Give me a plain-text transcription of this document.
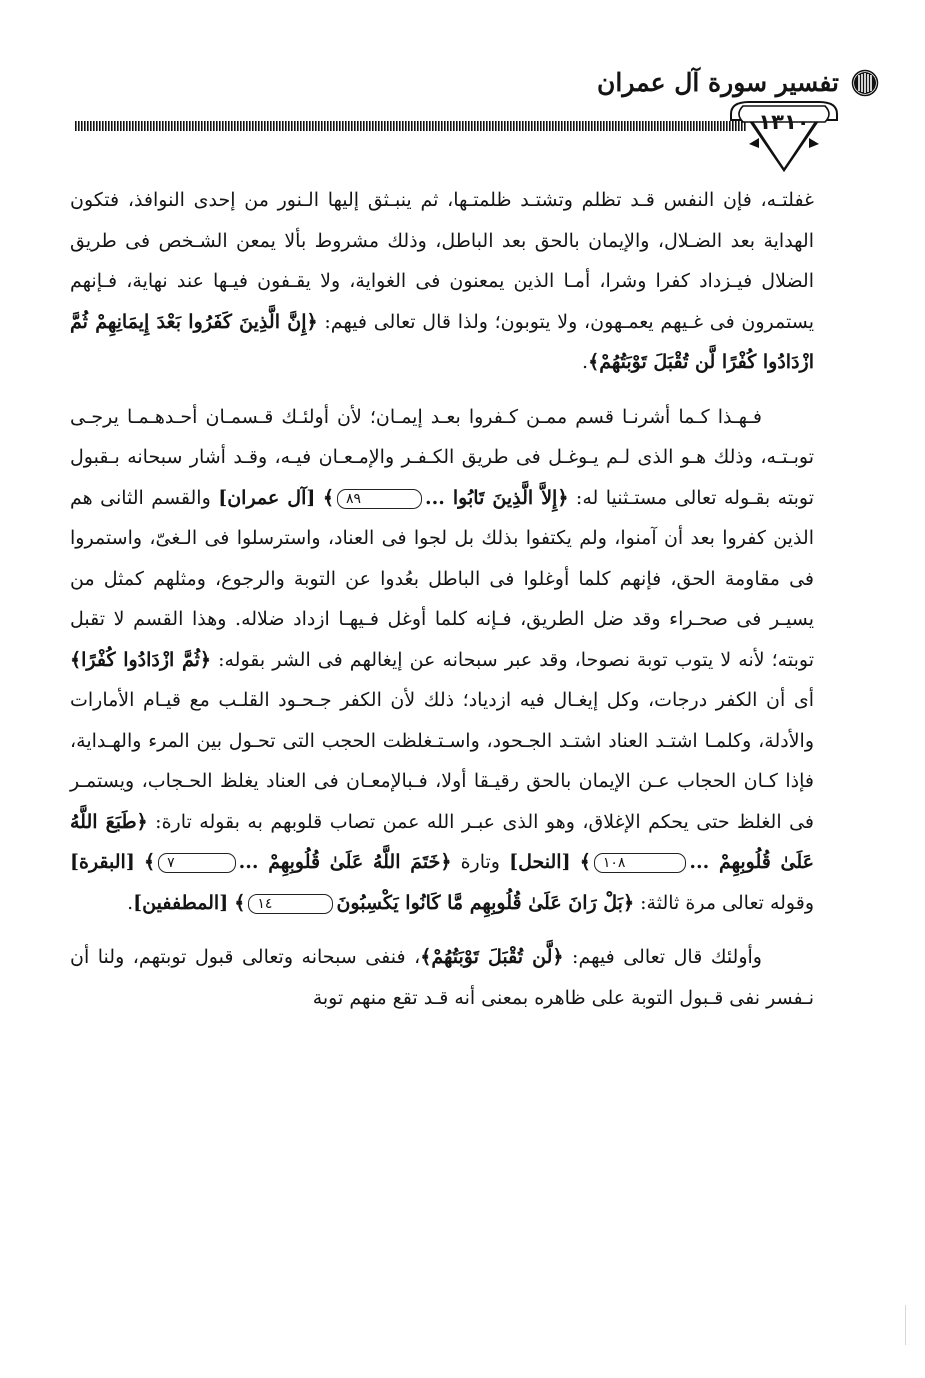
تفسير سورة آل عمران
١٣١٠

غفلتـه، فإن النفس قـد تظلم وتشتـد ظلمتـها، ثم ينبـثق إليها الـنور من إحدى النوافذ، فتكون الهداية بعد الضـلال، والإيمان بالحق بعد الباطل، وذلك مشروط بألا يمعن الشـخص فى طريق الضلال فيـزداد كفرا وشرا، أمـا الذين يمعنون فى الغواية، ولا يقـفون فيـها عند نهاية، فـإنهم يستمرون فى غـيهم يعمـهون، ولا يتوبون؛ ولذا قال تعالى فيهم: ﴿إِنَّ الَّذِينَ كَفَرُوا بَعْدَ إِيمَانِهِمْ ثُمَّ ازْدَادُوا كُفْرًا لَّن تُقْبَلَ تَوْبَتُهُمْ﴾.

فـهـذا كـما أشرنـا قسم ممـن كـفروا بعـد إيمـان؛ لأن أولئـك قـسمـان أحـدهـمـا يرجـى توبـتـه، وذلك هـو الذى لـم يـوغـل فى طريق الكـفـر والإمـعـان فيـه، وقـد أشار سبحانه بـقبول توبته بقـوله تعالى مستـثنيا له: ﴿إِلاَّ الَّذِينَ تَابُوا ...٨٩﴾ [آل عمران] والقسم الثانى هم الذين كفروا بعد أن آمنوا، ولم يكتفوا بذلك بل لجوا فى العناد، واسترسلوا فى الـغىّ، واستمروا فى مقاومة الحق، فإنهم كلما أوغلوا فى الباطل بعُدوا عن التوبة والرجوع، ومثلهم كمثل من يسيـر فى صحـراء وقد ضل الطريق، فـإنه كلما أوغل فـيهـا ازداد ضلاله. وهذا القسم لا تقبل توبته؛ لأنه لا يتوب توبة نصوحا، وقد عبر سبحانه عن إيغالهم فى الشر بقوله: ﴿ثُمَّ ازْدَادُوا كُفْرًا﴾ أى أن الكفر درجات، وكل إيغـال فيه ازدياد؛ ذلك لأن الكفر جـحـود القلـب مع قيـام الأمارات والأدلة، وكلمـا اشتـد العناد اشتـد الجـحود، واسـتـغلظت الحجب التى تحـول بين المرء والهـداية، فإذا كـان الحجاب عـن الإيمان بالحق رقيـقا أولا، فـبالإمعـان فى العناد يغلظ الحـجاب، ويستمـر فى الغلظ حتى يحكم الإغلاق، وهو الذى عبـر الله عمن تصاب قلوبهم به بقوله تارة: ﴿طَبَعَ اللَّهُ عَلَىٰ قُلُوبِهِمْ ...١٠٨﴾ [النحل] وتارة ﴿خَتَمَ اللَّهُ عَلَىٰ قُلُوبِهِمْ ...٧﴾ [البقرة] وقوله تعالى مرة ثالثة: ﴿بَلْ رَانَ عَلَىٰ قُلُوبِهِم مَّا كَانُوا يَكْسِبُونَ١٤﴾ [المطففين].

وأولئك قال تعالى فيهم: ﴿لَّن تُقْبَلَ تَوْبَتُهُمْ﴾، فنفى سبحانه وتعالى قبول توبتهم، ولنا أن نـفسر نفى قـبول التوبة على ظاهره بمعنى أنه قـد تقع منهم توبة
